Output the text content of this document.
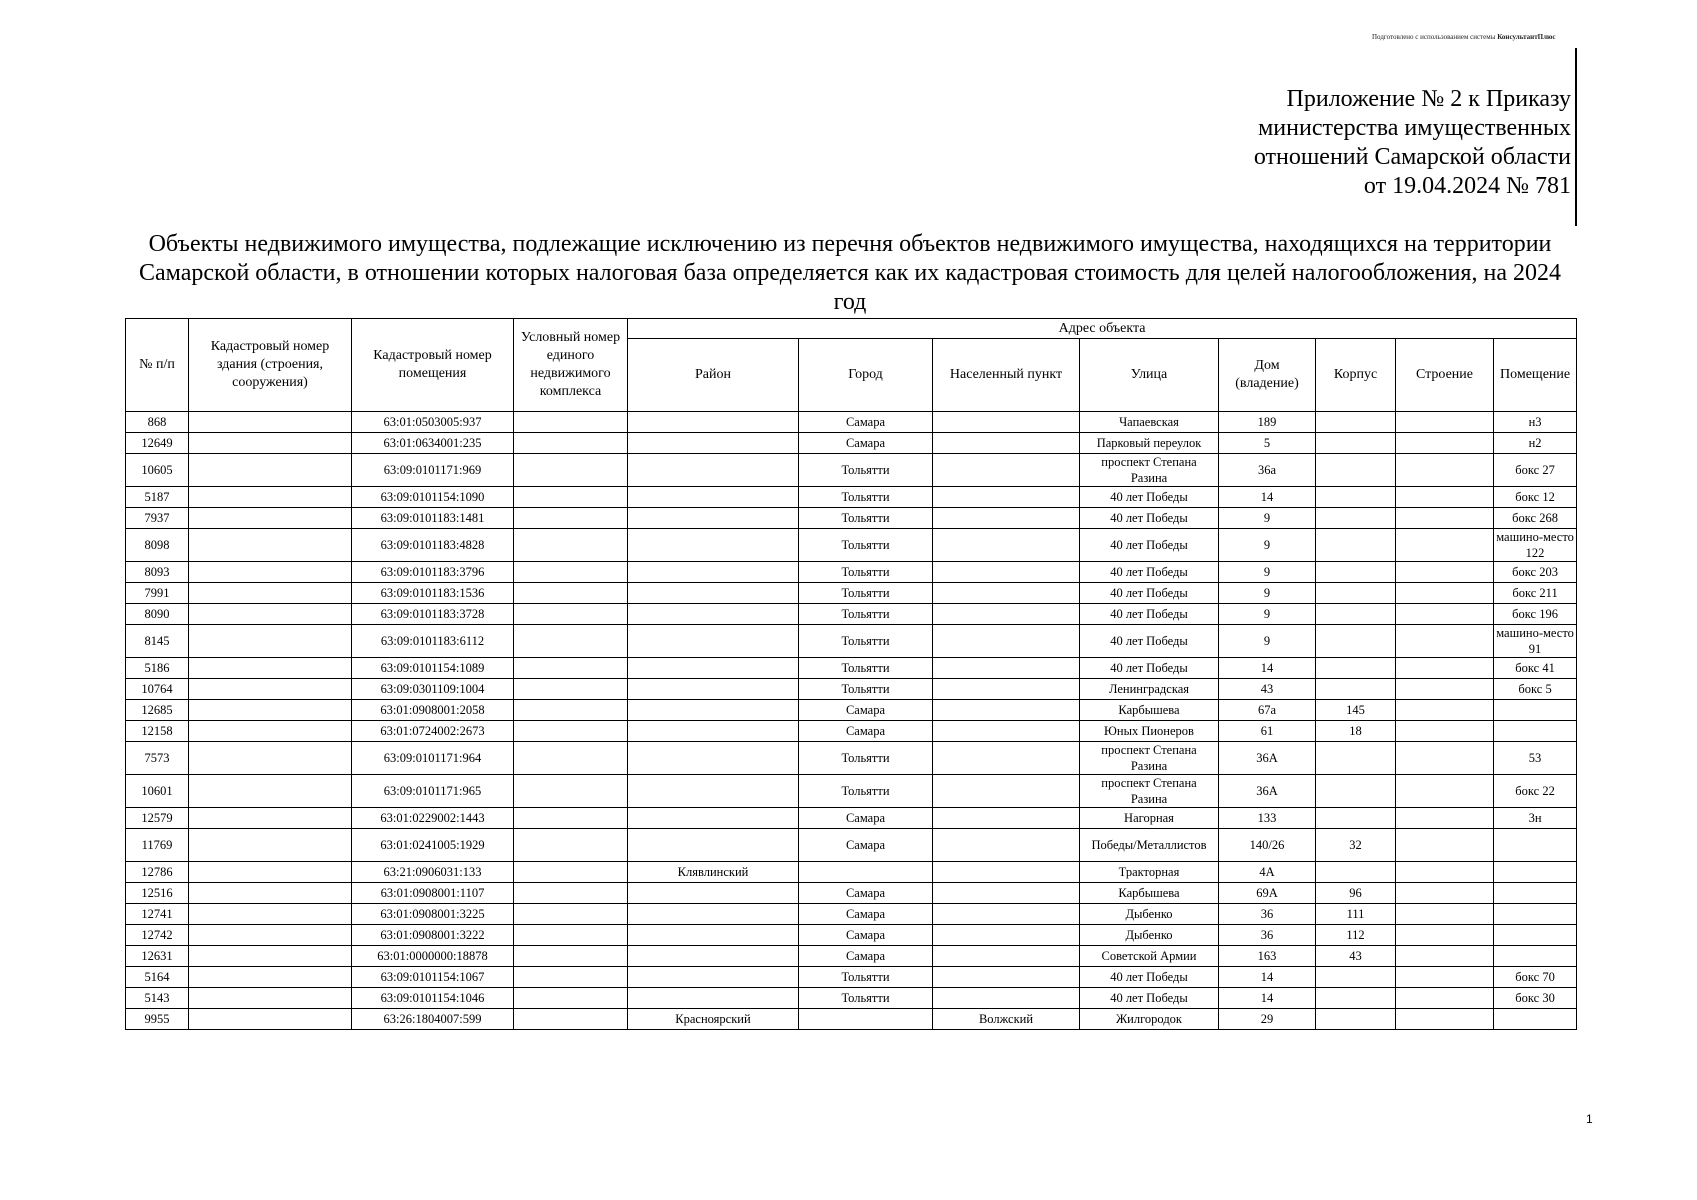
Подготовлено с использованием системы КонсультантПлюс
Приложение № 2 к Приказу
министерства имущественных
отношений Самарской области
от 19.04.2024 № 781
Объекты недвижимого имущества, подлежащие исключению из перечня объектов недвижимого имущества, находящихся на территории Самарской области, в отношении которых налоговая база определяется как их кадастровая стоимость для целей налогообложения, на 2024 год
№ п/п	Кадастровый номер здания (строения, сооружения)	Кадастровый номер помещения	Условный номер единого недвижимого комплекса	Адрес объекта							
				Район	Город	Населенный пункт	Улица	Дом (владение)	Корпус	Строение	Помещение
868		63:01:0503005:937			Самара		Чапаевская	189			н3
12649		63:01:0634001:235			Самара		Парковый переулок	5			н2
10605		63:09:0101171:969			Тольятти		проспект Степана Разина	36а			бокс 27
5187		63:09:0101154:1090			Тольятти		40 лет Победы	14			бокс 12
7937		63:09:0101183:1481			Тольятти		40 лет Победы	9			бокс 268
8098		63:09:0101183:4828			Тольятти		40 лет Победы	9			машино-место 122
8093		63:09:0101183:3796			Тольятти		40 лет Победы	9			бокс 203
7991		63:09:0101183:1536			Тольятти		40 лет Победы	9			бокс 211
8090		63:09:0101183:3728			Тольятти		40 лет Победы	9			бокс 196
8145		63:09:0101183:6112			Тольятти		40 лет Победы	9			машино-место 91
5186		63:09:0101154:1089			Тольятти		40 лет Победы	14			бокс 41
10764		63:09:0301109:1004			Тольятти		Ленинградская	43			бокс 5
12685		63:01:0908001:2058			Самара		Карбышева	67а	145		
12158		63:01:0724002:2673			Самара		Юных Пионеров	61	18		
7573		63:09:0101171:964			Тольятти		проспект Степана Разина	36А			53
10601		63:09:0101171:965			Тольятти		проспект Степана Разина	36А			бокс 22
12579		63:01:0229002:1443			Самара		Нагорная	133			3н
11769		63:01:0241005:1929			Самара		Победы/Металлистов	140/26	32		
12786		63:21:0906031:133		Клявлинский			Тракторная	4А			
12516		63:01:0908001:1107			Самара		Карбышева	69А	96		
12741		63:01:0908001:3225			Самара		Дыбенко	36	111		
12742		63:01:0908001:3222			Самара		Дыбенко	36	112		
12631		63:01:0000000:18878			Самара		Советской Армии	163	43		
5164		63:09:0101154:1067			Тольятти		40 лет Победы	14			бокс 70
5143		63:09:0101154:1046			Тольятти		40 лет Победы	14			бокс 30
9955		63:26:1804007:599		Красноярский		Волжский	Жилгородок	29			
1
